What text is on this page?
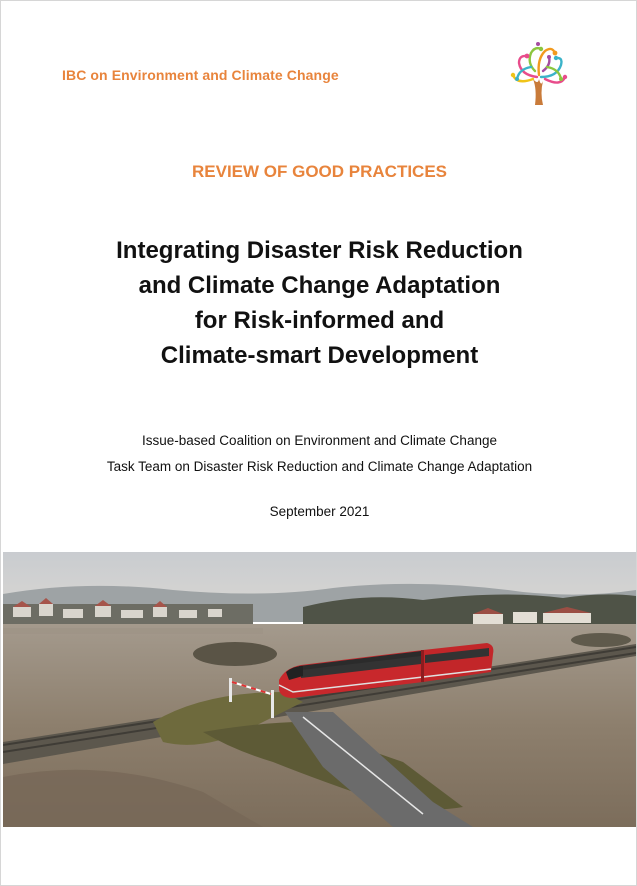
IBC on Environment and Climate Change
REVIEW OF GOOD PRACTICES
Integrating Disaster Risk Reduction
and Climate Change Adaptation
for Risk-informed and
Climate-smart Development
Issue-based Coalition on Environment and Climate Change
Task Team on Disaster Risk Reduction and Climate Change Adaptation
September 2021
